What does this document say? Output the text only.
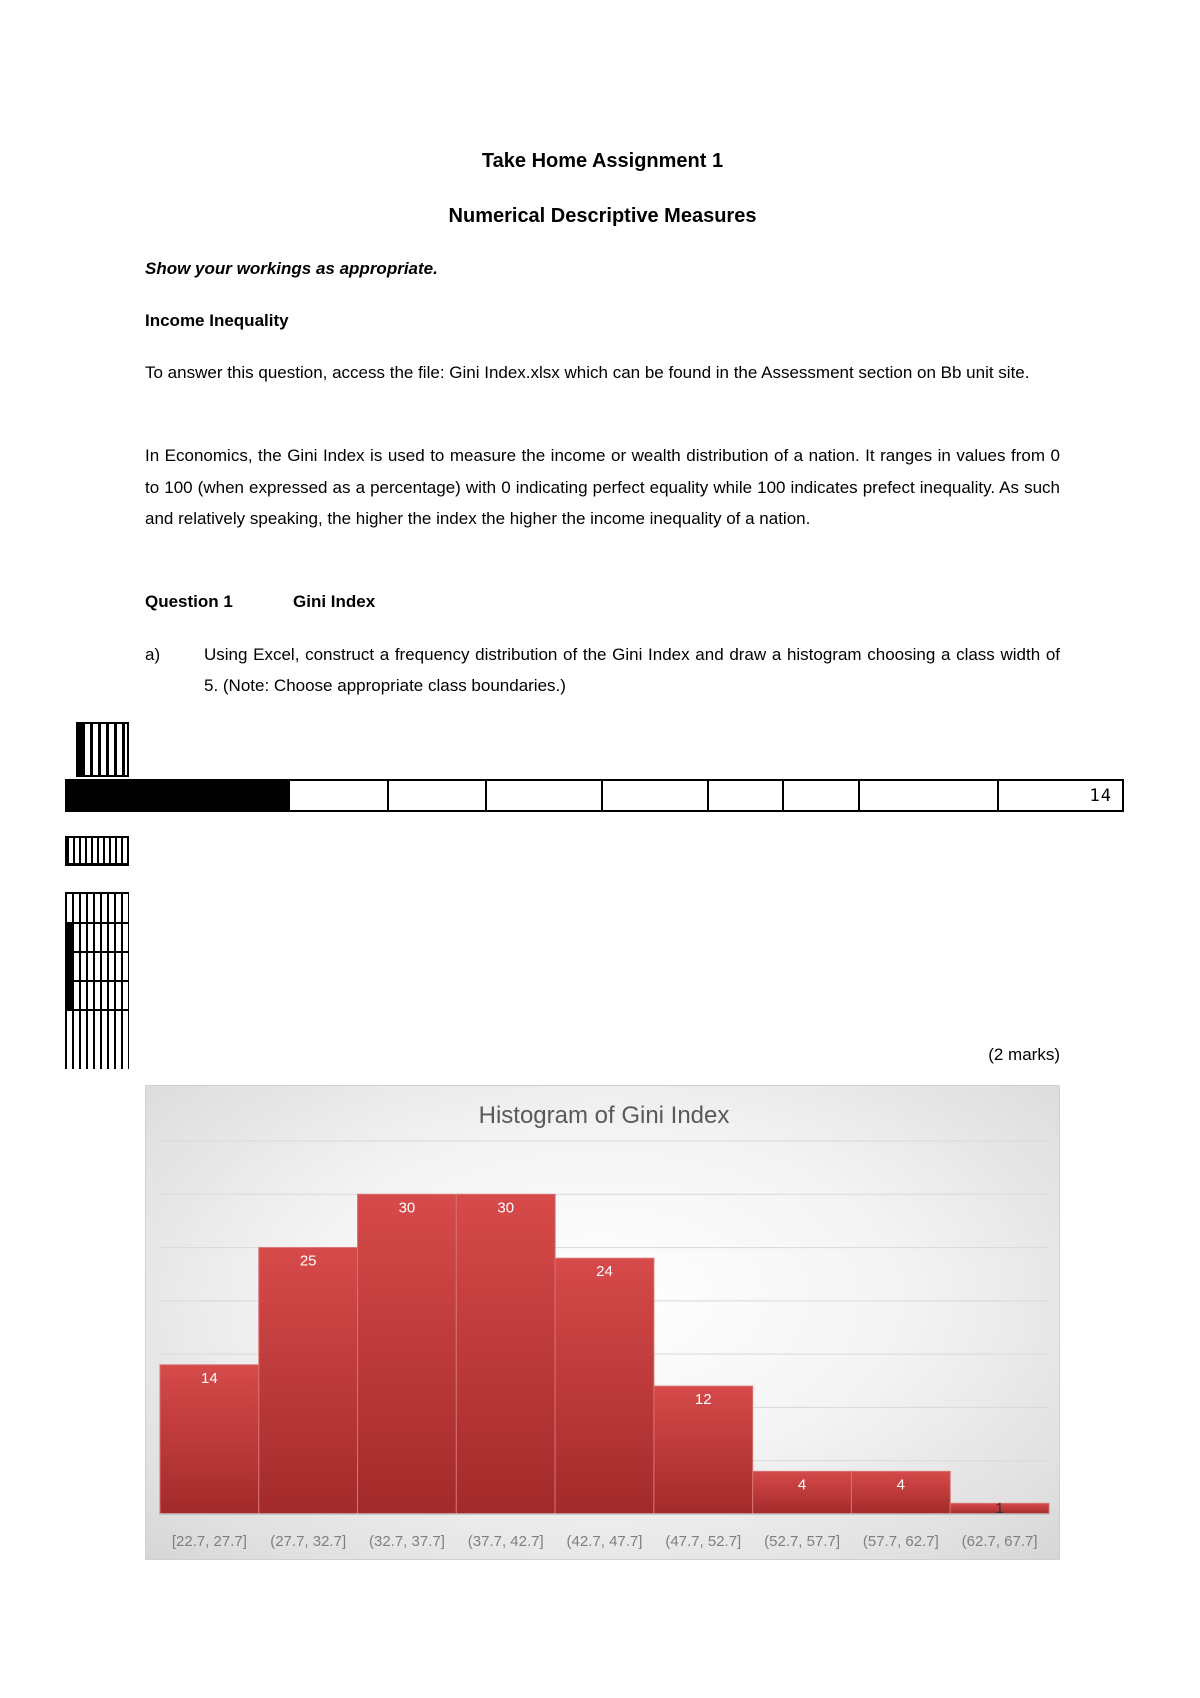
Take Home Assignment 1
Numerical Descriptive Measures
Show your workings as appropriate.
Income Inequality
To answer this question, access the file: Gini Index.xlsx which can be found in the Assessment section on Bb unit site.
In Economics, the Gini Index is used to measure the income or wealth distribution of a nation. It ranges in values from 0 to 100 (when expressed as a percentage) with 0 indicating perfect equality while 100 indicates prefect inequality. As such and relatively speaking, the higher the index the higher the income inequality of a nation.
Question 1	Gini Index
a)	Using Excel, construct a frequency distribution of the Gini Index and draw a histogram choosing a class width of 5. (Note: Choose appropriate class boundaries.)
14
(2 marks)
Histogram of Gini Index
14
25
30	30
24
12
4	4
1
[22.7, 27.7] (27.7, 32.7] (32.7, 37.7] (37.7, 42.7] (42.7, 47.7] (47.7, 52.7] (52.7, 57.7] (57.7, 62.7] (62.7, 67.7]
